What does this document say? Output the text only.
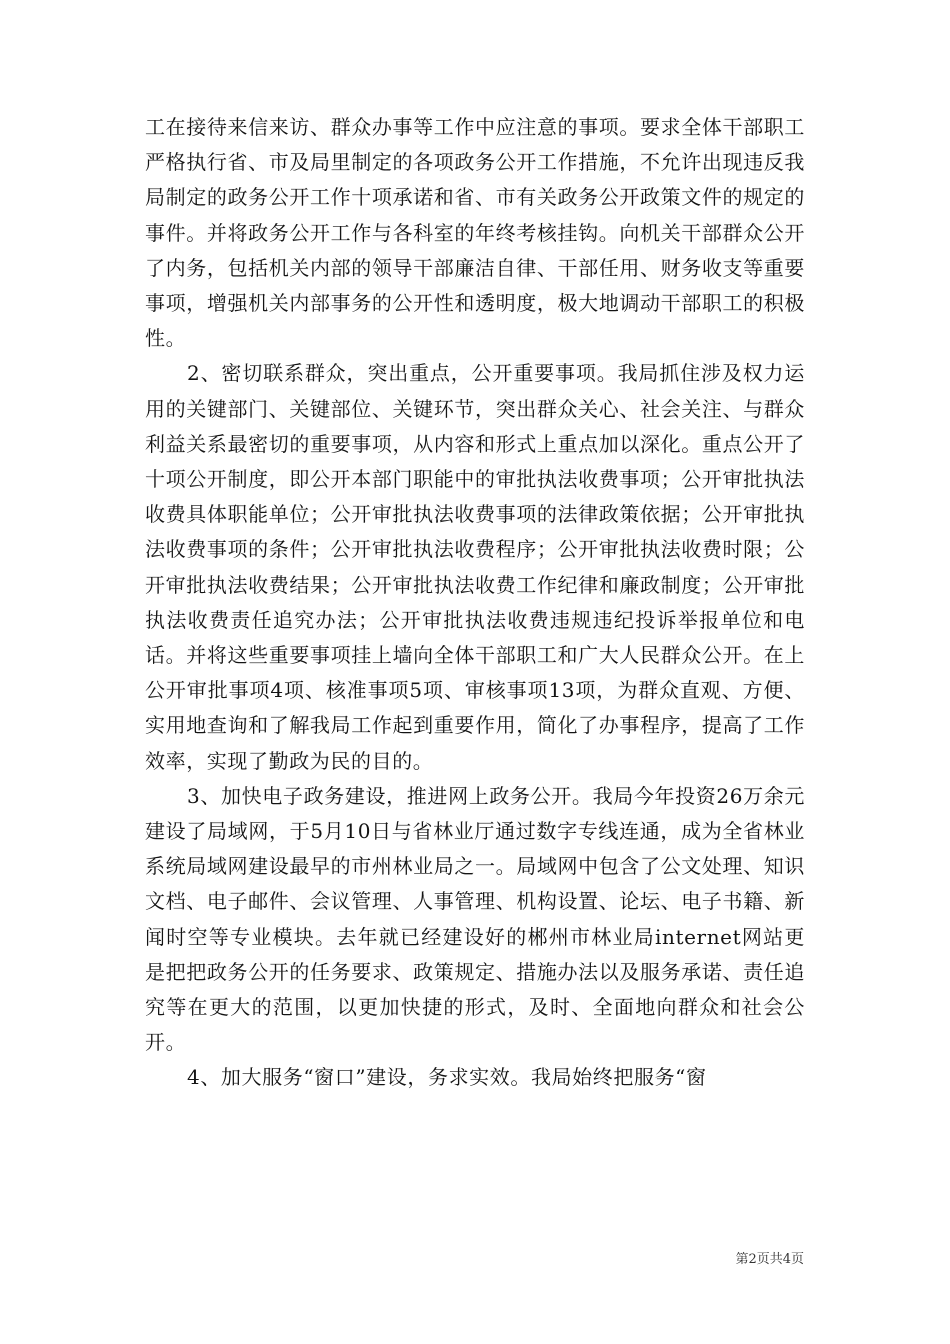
工在接待来信来访、群众办事等工作中应注意的事项。要求全体干部职工严格执行省、市及局里制定的各项政务公开工作措施，不允许出现违反我局制定的政务公开工作十项承诺和省、市有关政务公开政策文件的规定的事件。并将政务公开工作与各科室的年终考核挂钩。向机关干部群众公开了内务，包括机关内部的领导干部廉洁自律、干部任用、财务收支等重要事项，增强机关内部事务的公开性和透明度，极大地调动干部职工的积极性。

2、密切联系群众，突出重点，公开重要事项。我局抓住涉及权力运用的关键部门、关键部位、关键环节，突出群众关心、社会关注、与群众利益关系最密切的重要事项，从内容和形式上重点加以深化。重点公开了十项公开制度，即公开本部门职能中的审批执法收费事项；公开审批执法收费具体职能单位；公开审批执法收费事项的法律政策依据；公开审批执法收费事项的条件；公开审批执法收费程序；公开审批执法收费时限；公开审批执法收费结果；公开审批执法收费工作纪律和廉政制度；公开审批执法收费责任追究办法；公开审批执法收费违规违纪投诉举报单位和电话。并将这些重要事项挂上墙向全体干部职工和广大人民群众公开。在上公开审批事项4项、核准事项5项、审核事项13项，为群众直观、方便、实用地查询和了解我局工作起到重要作用，简化了办事程序，提高了工作效率，实现了勤政为民的目的。

3、加快电子政务建设，推进网上政务公开。我局今年投资26万余元建设了局域网，于5月10日与省林业厅通过数字专线连通，成为全省林业系统局域网建设最早的市州林业局之一。局域网中包含了公文处理、知识文档、电子邮件、会议管理、人事管理、机构设置、论坛、电子书籍、新闻时空等专业模块。去年就已经建设好的郴州市林业局internet网站更是把把政务公开的任务要求、政策规定、措施办法以及服务承诺、责任追究等在更大的范围，以更加快捷的形式，及时、全面地向群众和社会公开。

4、加大服务“窗口”建设，务求实效。我局始终把服务“窗

第2页共4页
